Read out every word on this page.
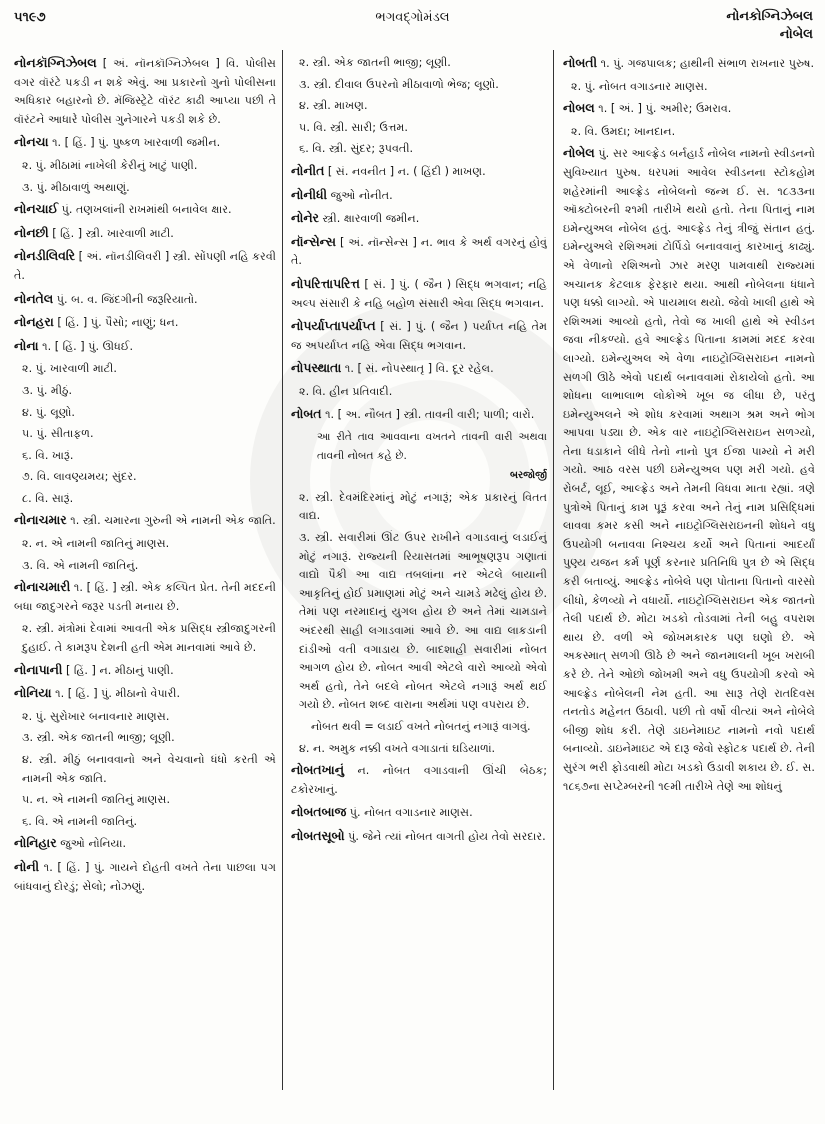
૫૧૯૭	ભગવદ્ગોમંડલ	નોનકોગ્નિઝેબલ
નોબેલ
નોનકૉગ્નિઝેબલ [ અં. નૉનકૉગ્નિઝેબલ ] વિ. પોલીસ વગર વૉરંટે પકડી ન શકે એવું. આ પ્રકારનો ગુનો પોલીસના અધિકાર બહારનો છે. મૅજિસ્ટ્રેટે વૉરંટ કાઢી આપ્યા પછી તે વૉરંટને આધારે પોલીસ ગુનેગારને પકડી શકે છે.
નોનચા ૧. [ હિં. ] પું. પુષ્કળ ખારવાળી જમીન.
૨. પું. મીઠામાં નાખેલી કેરીનું ખાટું પાણી.
૩. પું. મીઠાવાળું અથાણું.
નોનચાઈ પું. તણખલાંની રાખમાંથી બનાવેલ ક્ષાર.
નોનછી [ હિં. ] સ્ત્રી. ખારવાળી માટી.
નોનડીલિવરિ [ અં. નૉનડીલિવરી ] સ્ત્રી. સોંપણી નહિ કરવી તે.
નોનતેલ પું. બ. વ. જિંદગીની જરૂરિયાતો.
નોનહરા [ હિં. ] પું. પૈસો; નાણું; ધન.
નોના ૧. [ હિં. ] પું. ઊધઈ.
૨. પું. ખારવાળી માટી.
૩. પું. મીઠું.
૪. પું. લૂણો.
૫. પું. સીતાફળ.
૬. વિ. ખારૂં.
૭. વિ. લાવણ્યમય; સુંદર.
૮. વિ. સારૂં.
નોનાચમાર ૧. સ્ત્રી. ચમારના ગુરુની એ નામની એક જાતિ.
૨. ન. એ નામની જાતિનું માણસ.
૩. વિ. એ નામની જાતિનું.
નોનાચમારી ૧. [ હિં. ] સ્ત્રી. એક કલ્પિત પ્રેત. તેની મદદની બધા જાદુગરને જરૂર પડતી મનાય છે.
૨. સ્ત્રી. મંત્રોમાં દેવામાં આવતી એક પ્રસિદ્ધ સ્ત્રીજાદુગરની દુહાઈ. તે કામરૂપ દેશની હતી એમ માનવામાં આવે છે.
નોનાપાની [ હિં. ] ન. મીઠાનું પાણી.
નોનિયા ૧. [ હિં. ] પું. મીઠાનો વેપારી.
૨. પું. સુરોખાર બનાવનાર માણસ.
૩. સ્ત્રી. એક જાતની ભાજી; લૂણી.
૪. સ્ત્રી. મીઠું બનાવવાનો અને વેચવાનો ધંધો કરતી એ નામની એક જાતિ.
૫. ન. એ નામની જાતિનું માણસ.
૬. વિ. એ નામની જાતિનું.
નોનિહાર જુઓ નોનિયા.
નોની ૧. [ હિં. ] પું. ગાયને દોહતી વખતે તેના પાછલા પગ બાંધવાનું દોરડું; સેલો; નોઝણું.
૨. સ્ત્રી. એક જાતની ભાજી; લૂણી.
૩. સ્ત્રી. દીવાલ ઉપરનો મીઠાવાળો ભેજ; લૂણો.
૪. સ્ત્રી. માખણ.
૫. વિ. સ્ત્રી. સારી; ઉત્તમ.
૬. વિ. સ્ત્રી. સુંદર; રૂપવતી.
નોનીત [ સં. નવનીત ] ન. ( હિંદી ) માખણ.
નોનીધી જુઓ નોનીત.
નોનેર સ્ત્રી. ક્ષારવાળી જમીન.
નૉન્સેન્સ [ અં. નૉન્સેન્સ ] ન. ભાવ કે અર્થ વગરનું હોવું તે.
નોપરિત્તાપરિત્ત [ સં. ] પું. ( જૈન ) સિદ્ધ ભગવાન; નહિ અલ્પ સંસારી કે નહિ બહોળ સંસારી એવા સિદ્ધ ભગવાન.
નોપર્યાપ્તાપર્યાપ્ત [ સં. ] પું. ( જૈન ) પર્યાપ્ત નહિ તેમ જ અપર્યાપ્ત નહિ એવા સિદ્ધ ભગવાન.
નોપસ્થાતા ૧. [ સં. નોપસ્થાતૃ ] વિ. દૂર રહેલ.
૨. વિ. હીન પ્રતિવાદી.
નોબત ૧. [ અ. નૌબત ] સ્ત્રી. તાવની વારી; પાળી; વારો.
આ રીતે તાવ આવવાના વખતને તાવની વારી અથવા તાવની નોબત કહે છે.
બરજોર્જી
૨. સ્ત્રી. દેવમંદિરમાંનું મોટું નગારૂં; એક પ્રકારનું વિતત વાદ્ય.
૩. સ્ત્રી. સવારીમાં ઊંટ ઉપર રાખીને વગાડવાનું લડાઈનું મોટું નગારૂં. રાજ્યની રિયાસતમાં આભૂષણરૂપ ગણાતાં વાદ્યો પૈકી આ વાદ્ય તબલાંના નર એટલે બાયાની આકૃતિનું હોઈ પ્રમાણમાં મોટું અને ચામડે મઢેલું હોય છે. તેમાં પણ નરમાદાનું યુગલ હોય છે અને તેમાં ચામડાને અંદરથી સાહી લગાડવામાં આવે છે. આ વાદ્ય લાકડાની દાંડીઓ વતી વગાડાય છે. બાદશાહી સવારીમાં નોબત આગળ હોય છે. નોબત આવી એટલે વારો આવ્યો એવો અર્થ હતો, તેને બદલે નોબત એટલે નગારૂં અર્થ થઈ ગયો છે. નોબત શબ્દ વારાના અર્થમાં પણ વપરાય છે.
નોબત થવી = લડાઈ વખતે નોબતનું નગારૂં વાગવું.
૪. ન. અમુક નક્કી વખતે વગાડાતાં ઘડિયાળાં.
નોબતખાનું ન. નોબત વગાડવાની ઊંચી બેઠક; ટકોરખાનું.
નોબતબાજ પું. નોબત વગાડનાર માણસ.
નોબતસૂબો પું. જેને ત્યાં નોબત વાગતી હોય તેવો સરદાર.
નોબતી ૧. પું. ગજપાલક; હાથીની સંભાળ રાખનાર પુરુષ.
૨. પું. નોબત વગાડનાર માણસ.
નોબલ ૧. [ અં. ] પું. અમીર; ઉમરાવ.
૨. વિ. ઉમદા; ખાનદાન.
નોબેલ પું. સર આલ્ફ્રેડ બર્નહાર્ડ નોબેલ નામનો સ્વીડનનો સુવિખ્યાત પુરુષ. ધરપમાં આવેલ સ્વીડનના સ્ટોકહોમ શહેરમાંની આલ્ફ્રેડ નોબેલનો જન્મ ઈ. સ. ૧૮૩૩ના ઑક્ટોબરની ૨૧મી તારીખે થયો હતો. તેના પિતાનું નામ ઇમેન્યુઅલ નોબેલ હતું. આલ્ફ્રેડ તેનું ત્રીજું સંતાન હતું. ઇમેન્યુઅલે રશિઅમાં ટોર્પિડો બનાવવાનું કારખાનું કાઢ્યું. એ વેળાનો રશિઅનો ઝાર મરણ પામવાથી રાજ્યમાં અચાનક કેટલાક ફેરફાર થયા. આથી નોબેલના ધંધાને પણ ધક્કો લાગ્યો. એ પાયમાલ થયો. જેવો ખાલી હાથે એ રશિઅમાં આવ્યો હતો, તેવો જ ખાલી હાથે એ સ્વીડન જવા નીકળ્યો. હવે આલ્ફ્રેડ પિતાના કામમાં મદદ કરવા લાગ્યો. ઇમેન્યુઅલ એ વેળા નાઇટ્રોગ્લિસરાઇન નામનો સળગી ઊઠે એવો પદાર્થ બનાવવામાં રોકાયેલો હતો. આ શોધના લાભાલાભ લોકોએ ખૂબ જ લીધા છે, પરંતુ ઇમેન્યુઅલને એ શોધ કરવામાં અથાગ શ્રમ અને ભોગ આપવા પડ્યા છે. એક વાર નાઇટ્રોગ્લિસરાઇન સળગ્યો, તેના ધડાકાને લીધે તેનો નાનો પુત્ર ઈજા પામ્યો ને મરી ગયો. આઠ વરસ પછી ઇમેન્યુઅલ પણ મરી ગયો. હવે રોબર્ટ, લૂઈ, આલ્ફ્રેડ અને તેમની વિધવા માતા રહ્યાં. ત્રણે પુત્રોએ પિતાનું કામ પૂરૂં કરવા અને તેનું નામ પ્રસિદ્ધિમાં લાવવા કમર કસી અને નાઇટ્રોગ્લિસરાઇનની શોધને વધુ ઉપયોગી બનાવવા નિશ્ચય કર્યો અને પિતાનાં આદર્યાં પુણ્ય યજન કર્મ પૂર્ણ કરનાર પ્રતિનિધિ પુત્ર છે એ સિદ્ધ કરી બતાવ્યું. આલ્ફ્રેડ નોબેલે પણ પોતાના પિતાનો વારસો લીધો, કેળવ્યો ને વધાર્યો. નાઇટ્રોગ્લિસરાઇન એક જાતનો તેલી પદાર્થ છે. મોટા ખડકો તોડવામાં તેની બહુ વપરાશ થાય છે. વળી એ જોખમકારક પણ ઘણો છે. એ અકસ્માત્ સળગી ઊઠે છે અને જાનમાલની ખૂબ ખરાબી કરે છે. તેને ઓછો જોખમી અને વધુ ઉપયોગી કરવો એ આલ્ફ્રેડ નોબેલની નેમ હતી. આ સારૂ તેણે રાતદિવસ તનતોડ મહેનત ઉઠાવી. પછી તો વર્ષો વીત્યાં અને નોબેલે બીજી શોધ કરી. તેણે ડાઇનેમાઇટ નામનો નવો પદાર્થ બનાવ્યો. ડાઇનેમાઇટ એ દારૂ જેવો સ્ફોટક પદાર્થ છે. તેની સુરંગ ભરી ફોડવાથી મોટા ખડકો ઉડાવી શકાય છે. ઈ. સ. ૧૮૬૭ના સપ્ટેમ્બરની ૧૯મી તારીખે તેણે આ શોધનું
